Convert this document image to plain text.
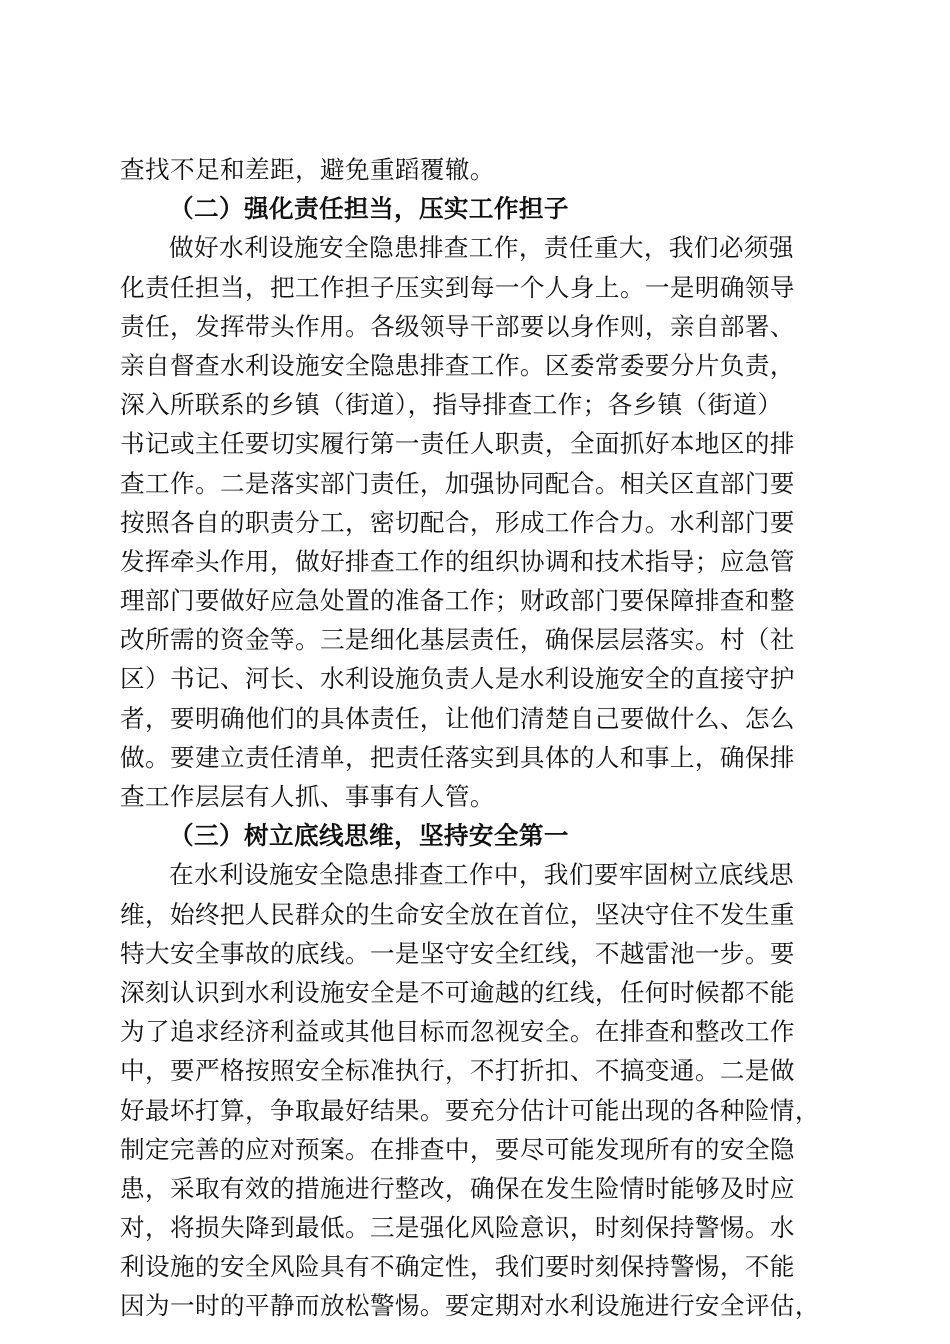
查找不足和差距，避免重蹈覆辙。
（二）强化责任担当，压实工作担子
做好水利设施安全隐患排查工作，责任重大，我们必须强
化责任担当，把工作担子压实到每一个人身上。一是明确领导
责任，发挥带头作用。各级领导干部要以身作则，亲自部署、
亲自督查水利设施安全隐患排查工作。区委常委要分片负责，
深入所联系的乡镇（街道），指导排查工作；各乡镇（街道）
书记或主任要切实履行第一责任人职责，全面抓好本地区的排
查工作。二是落实部门责任，加强协同配合。相关区直部门要
按照各自的职责分工，密切配合，形成工作合力。水利部门要
发挥牵头作用，做好排查工作的组织协调和技术指导；应急管
理部门要做好应急处置的准备工作；财政部门要保障排查和整
改所需的资金等。三是细化基层责任，确保层层落实。村（社
区）书记、河长、水利设施负责人是水利设施安全的直接守护
者，要明确他们的具体责任，让他们清楚自己要做什么、怎么
做。要建立责任清单，把责任落实到具体的人和事上，确保排
查工作层层有人抓、事事有人管。
（三）树立底线思维，坚持安全第一
在水利设施安全隐患排查工作中，我们要牢固树立底线思
维，始终把人民群众的生命安全放在首位，坚决守住不发生重
特大安全事故的底线。一是坚守安全红线，不越雷池一步。要
深刻认识到水利设施安全是不可逾越的红线，任何时候都不能
为了追求经济利益或其他目标而忽视安全。在排查和整改工作
中，要严格按照安全标准执行，不打折扣、不搞变通。二是做
好最坏打算，争取最好结果。要充分估计可能出现的各种险情，
制定完善的应对预案。在排查中，要尽可能发现所有的安全隐
患，采取有效的措施进行整改，确保在发生险情时能够及时应
对，将损失降到最低。三是强化风险意识，时刻保持警惕。水
利设施的安全风险具有不确定性，我们要时刻保持警惕，不能
因为一时的平静而放松警惕。要定期对水利设施进行安全评估，
